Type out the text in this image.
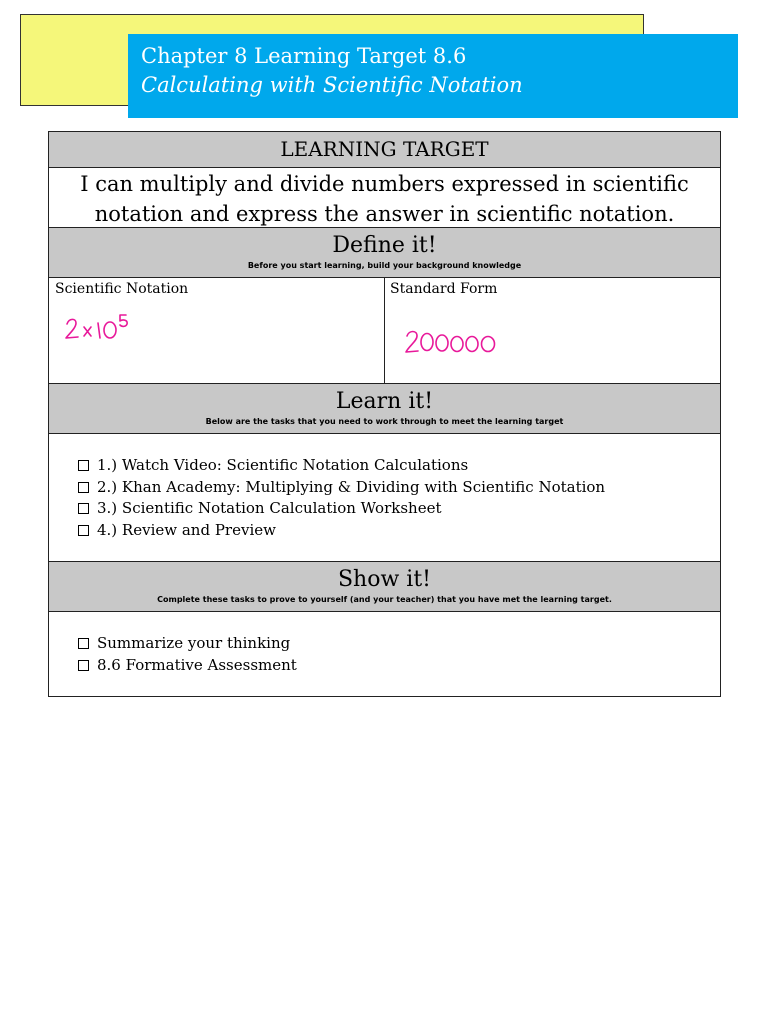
Chapter 8 Learning Target 8.6
Calculating with Scientific Notation
LEARNING TARGET
I can multiply and divide numbers expressed in scientific
notation and express the answer in scientific notation.
Define it!
Before you start learning, build your background knowledge
Scientific Notation	Standard Form
Learn it!
Below are the tasks that you need to work through to meet the learning target
1.) Watch Video: Scientific Notation Calculations
2.) Khan Academy: Multiplying & Dividing with Scientific Notation
3.) Scientific Notation Calculation Worksheet
4.) Review and Preview
Show it!
Complete these tasks to prove to yourself (and your teacher) that you have met the learning target.
Summarize your thinking
8.6 Formative Assessment
